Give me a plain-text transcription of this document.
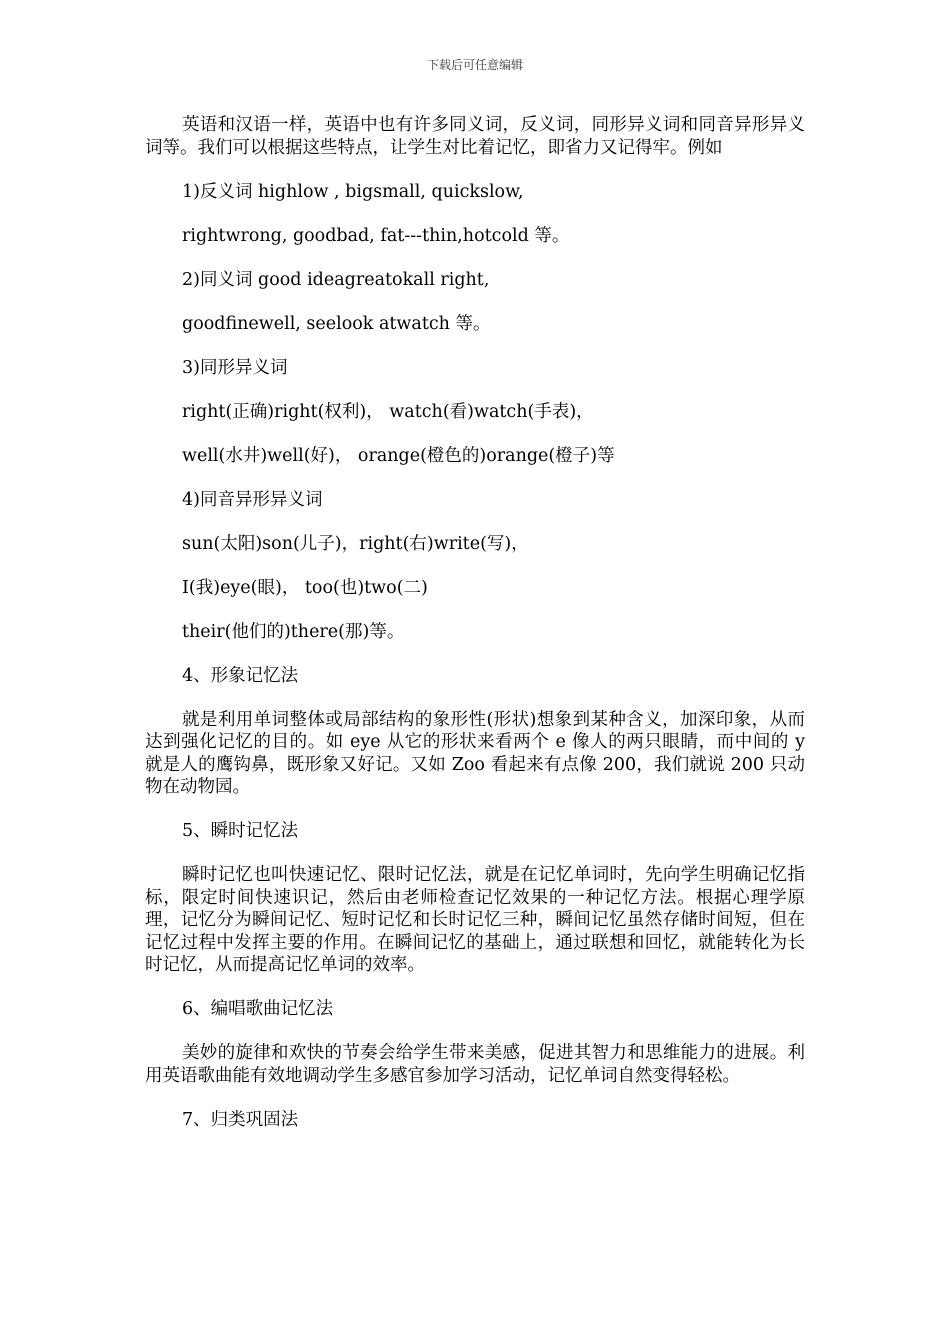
下载后可任意编辑

英语和汉语一样，英语中也有许多同义词，反义词，同形异义词和同音异形异义词等。我们可以根据这些特点，让学生对比着记忆，即省力又记得牢。例如

1)反义词 highlow , bigsmall, quickslow,

rightwrong, goodbad, fat---thin,hotcold 等。

2)同义词 good ideagreatokall right,

goodfinewell, seelook atwatch 等。

3)同形异义词

right(正确)right(权利)， watch(看)watch(手表)，

well(水井)well(好)， orange(橙色的)orange(橙子)等

4)同音异形异义词

sun(太阳)son(儿子)，right(右)write(写)，

I(我)eye(眼)， too(也)two(二)

their(他们的)there(那)等。

4、形象记忆法

就是利用单词整体或局部结构的象形性(形状)想象到某种含义，加深印象，从而达到强化记忆的目的。如 eye 从它的形状来看两个 e 像人的两只眼睛，而中间的 y 就是人的鹰钩鼻，既形象又好记。又如 Zoo 看起来有点像 200，我们就说 200 只动物在动物园。

5、瞬时记忆法

瞬时记忆也叫快速记忆、限时记忆法，就是在记忆单词时，先向学生明确记忆指标，限定时间快速识记，然后由老师检查记忆效果的一种记忆方法。根据心理学原理，记忆分为瞬间记忆、短时记忆和长时记忆三种，瞬间记忆虽然存储时间短，但在记忆过程中发挥主要的作用。在瞬间记忆的基础上，通过联想和回忆，就能转化为长时记忆，从而提高记忆单词的效率。

6、编唱歌曲记忆法

美妙的旋律和欢快的节奏会给学生带来美感，促进其智力和思维能力的进展。利用英语歌曲能有效地调动学生多感官参加学习活动，记忆单词自然变得轻松。

7、归类巩固法
